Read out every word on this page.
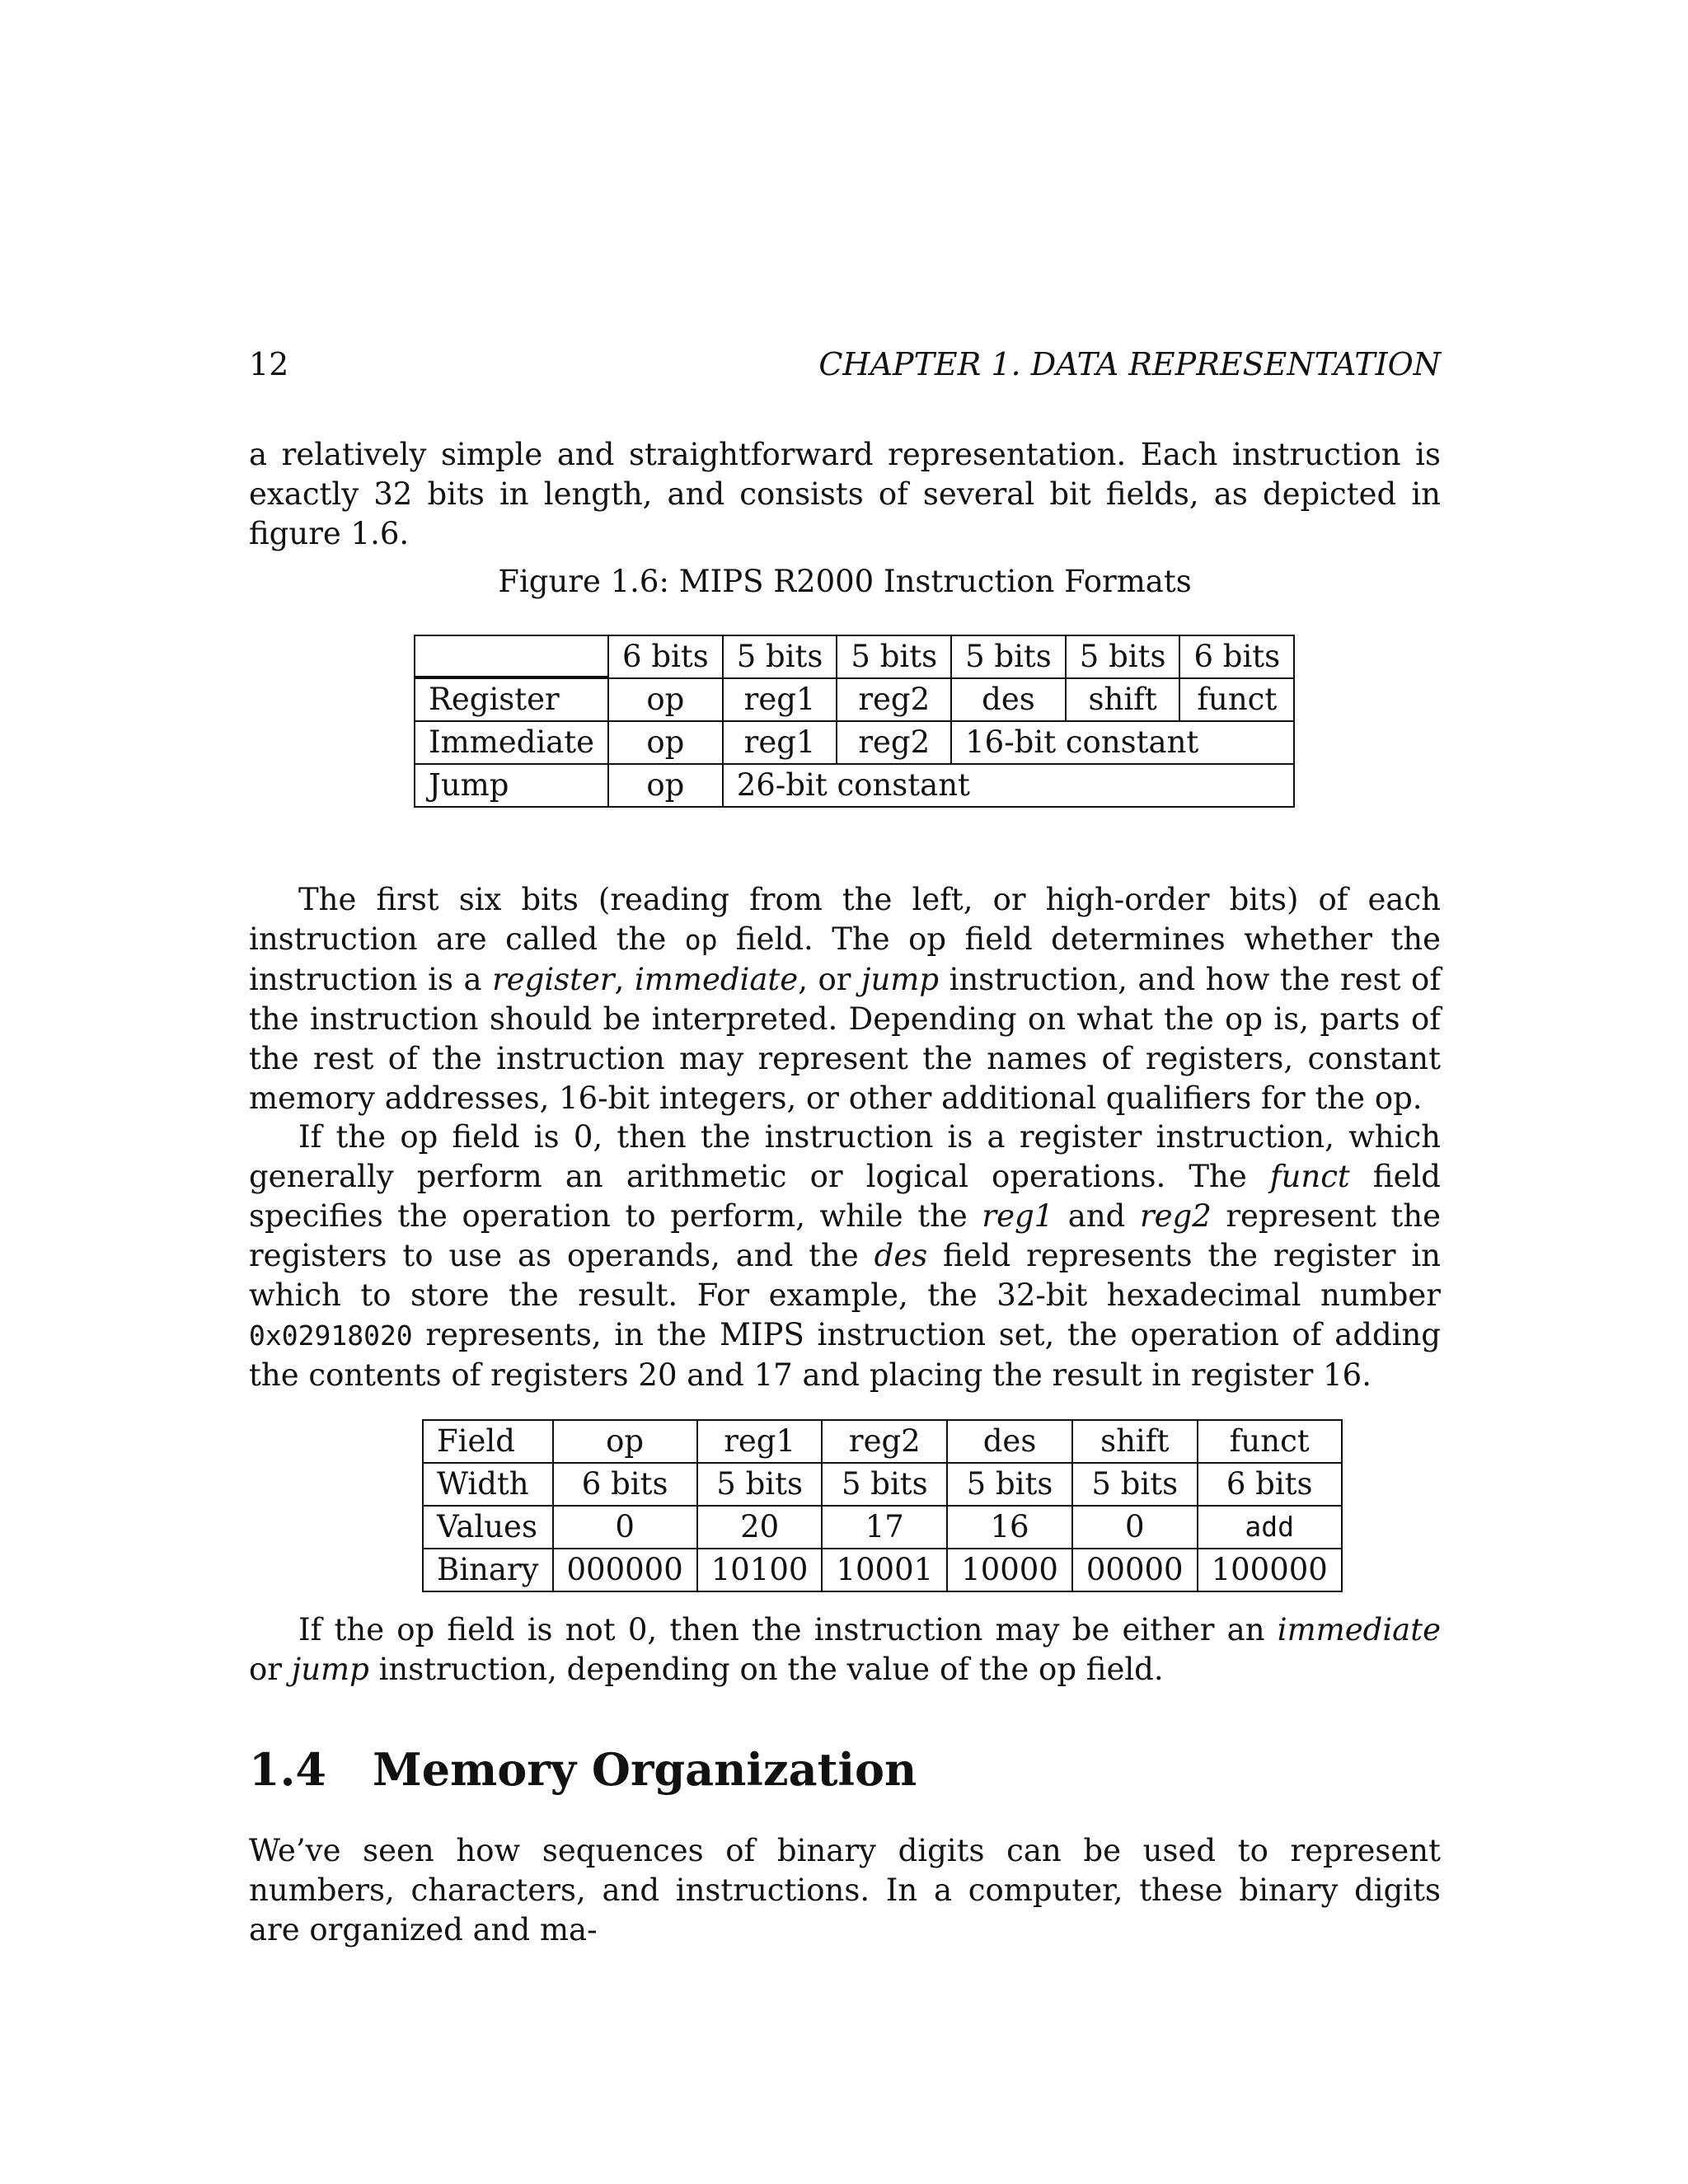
12	CHAPTER 1. DATA REPRESENTATION

a relatively simple and straightforward representation. Each instruction is exactly 32 bits in length, and consists of several bit fields, as depicted in figure 1.6.

Figure 1.6: MIPS R2000 Instruction Formats
	6 bits	5 bits	5 bits	5 bits	5 bits	6 bits
Register	op	reg1	reg2	des	shift	funct
Immediate	op	reg1	reg2	16-bit constant		
Jump	op	26-bit constant				

The first six bits (reading from the left, or high-order bits) of each instruction are called the op field. The op field determines whether the instruction is a register, immediate, or jump instruction, and how the rest of the instruction should be interpreted. Depending on what the op is, parts of the rest of the instruction may represent the names of registers, constant memory addresses, 16-bit integers, or other additional qualifiers for the op.

If the op field is 0, then the instruction is a register instruction, which generally perform an arithmetic or logical operations. The funct field specifies the operation to perform, while the reg1 and reg2 represent the registers to use as operands, and the des field represents the register in which to store the result. For example, the 32-bit hexadecimal number 0x02918020 represents, in the MIPS instruction set, the operation of adding the contents of registers 20 and 17 and placing the result in register 16.

Field	op	reg1	reg2	des	shift	funct
Width	6 bits	5 bits	5 bits	5 bits	5 bits	6 bits
Values	0	20	17	16	0	add
Binary	000000	10100	10001	10000	00000	100000

If the op field is not 0, then the instruction may be either an immediate or jump instruction, depending on the value of the op field.

1.4 Memory Organization

We’ve seen how sequences of binary digits can be used to represent numbers, characters, and instructions. In a computer, these binary digits are organized and ma-
